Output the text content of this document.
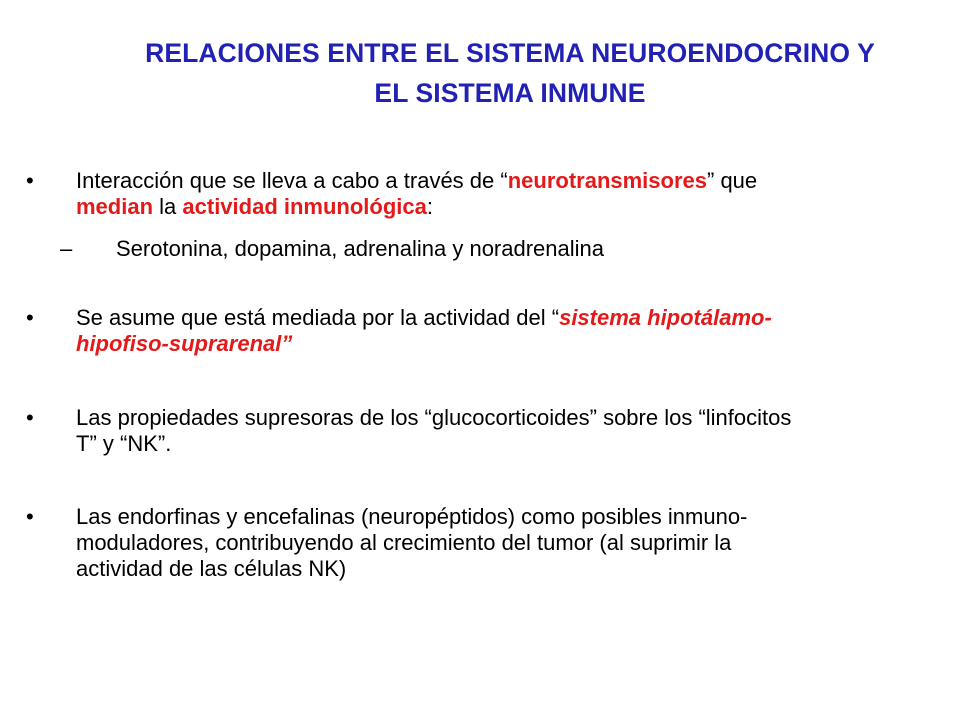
RELACIONES ENTRE EL SISTEMA NEUROENDOCRINO Y
EL SISTEMA INMUNE
• Interacción que se lleva a cabo a través de “neurotransmisores” que
median la actividad inmunológica:
– Serotonina, dopamina, adrenalina y noradrenalina
• Se asume que está mediada por la actividad del “sistema hipotálamo-
hipofiso-suprarenal”
• Las propiedades supresoras de los “glucocorticoides” sobre los “linfocitos
T” y “NK”.
• Las endorfinas y encefalinas (neuropéptidos) como posibles inmuno-
moduladores, contribuyendo al crecimiento del tumor (al suprimir la
actividad de las células NK)
